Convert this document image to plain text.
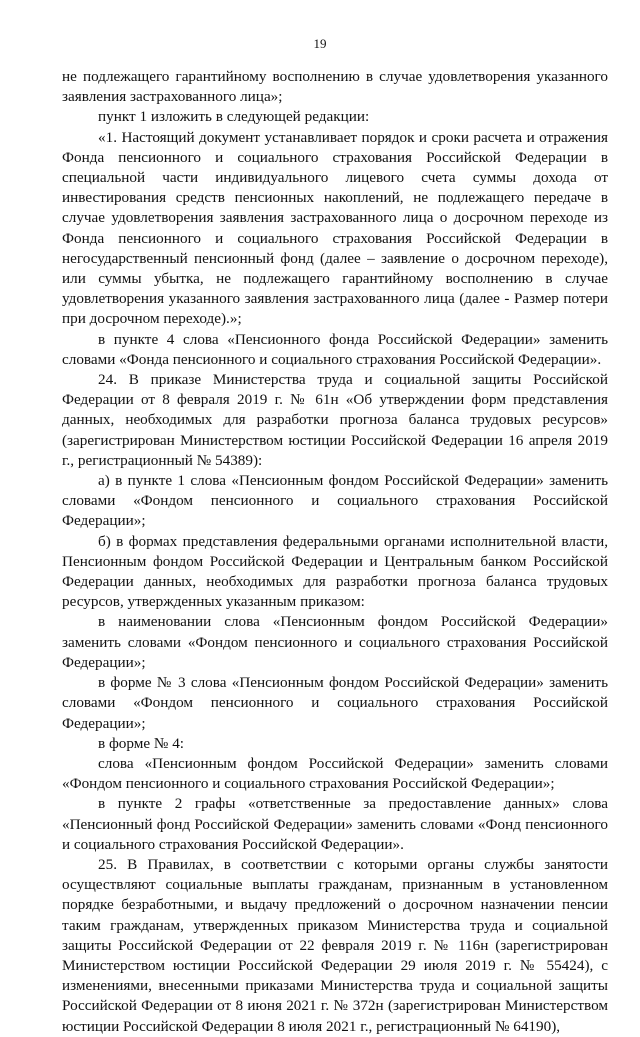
19

не подлежащего гарантийному восполнению в случае удовлетворения указанного заявления застрахованного лица»;

пункт 1 изложить в следующей редакции:

«1. Настоящий документ устанавливает порядок и сроки расчета и отражения Фонда пенсионного и социального страхования Российской Федерации в специальной части индивидуального лицевого счета суммы дохода от инвестирования средств пенсионных накоплений, не подлежащего передаче в случае удовлетворения заявления застрахованного лица о досрочном переходе из Фонда пенсионного и социального страхования Российской Федерации в негосударственный пенсионный фонд (далее – заявление о досрочном переходе), или суммы убытка, не подлежащего гарантийному восполнению в случае удовлетворения указанного заявления застрахованного лица (далее - Размер потери при досрочном переходе).»;

в пункте 4 слова «Пенсионного фонда Российской Федерации» заменить словами «Фонда пенсионного и социального страхования Российской Федерации».

24. В приказе Министерства труда и социальной защиты Российской Федерации от 8 февраля 2019 г. № 61н «Об утверждении форм представления данных, необходимых для разработки прогноза баланса трудовых ресурсов» (зарегистрирован Министерством юстиции Российской Федерации 16 апреля 2019 г., регистрационный № 54389):

а) в пункте 1 слова «Пенсионным фондом Российской Федерации» заменить словами «Фондом пенсионного и социального страхования Российской Федерации»;

б) в формах представления федеральными органами исполнительной власти, Пенсионным фондом Российской Федерации и Центральным банком Российской Федерации данных, необходимых для разработки прогноза баланса трудовых ресурсов, утвержденных указанным приказом:

в наименовании слова «Пенсионным фондом Российской Федерации» заменить словами «Фондом пенсионного и социального страхования Российской Федерации»;

в форме № 3 слова «Пенсионным фондом Российской Федерации» заменить словами «Фондом пенсионного и социального страхования Российской Федерации»;

в форме № 4:

слова «Пенсионным фондом Российской Федерации» заменить словами «Фондом пенсионного и социального страхования Российской Федерации»;

в пункте 2 графы «ответственные за предоставление данных» слова «Пенсионный фонд Российской Федерации» заменить словами «Фонд пенсионного и социального страхования Российской Федерации».

25. В Правилах, в соответствии с которыми органы службы занятости осуществляют социальные выплаты гражданам, признанным в установленном порядке безработными, и выдачу предложений о досрочном назначении пенсии таким гражданам, утвержденных приказом Министерства труда и социальной защиты Российской Федерации от 22 февраля 2019 г. № 116н (зарегистрирован Министерством юстиции Российской Федерации 29 июля 2019 г. № 55424), с изменениями, внесенными приказами Министерства труда и социальной защиты Российской Федерации от 8 июня 2021 г. № 372н (зарегистрирован Министерством юстиции Российской Федерации 8 июля 2021 г., регистрационный № 64190),
